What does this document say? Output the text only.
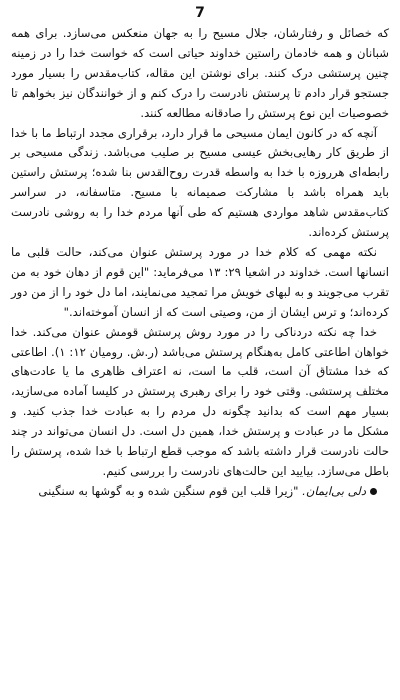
7

که خصائل و رفتارشان، جلال مسیح را به جهان منعکس می‌سازد. برای همه شبانان و همه خادمان راستین خداوند حیاتی است که خواست خدا را در زمینه چنین پرستشی درک کنند. برای نوشتن این مقاله، کتاب‌مقدس را بسیار مورد جستجو قرار دادم تا پرستش نادرست را درک کنم و از خوانندگان نیز بخواهم تا خصوصیات این نوع پرستش را صادقانه مطالعه کنند.

آنچه که در کانون ایمان مسیحی ما قرار دارد، برقراری مجدد ارتباط ما با خدا از طریق کار رهایی‌بخش عیسی مسیح بر صلیب می‌باشد. زندگی مسیحی بر رابطه‌ای هرروزه با خدا به واسطه قدرت روح‌القدس بنا شده؛ پرستش راستین باید همراه باشد با مشارکت صمیمانه با مسیح. متاسفانه، در سراسر کتاب‌مقدس شاهد مواردی هستیم که طی آنها مردم خدا را به روشی نادرست پرستش کرده‌اند.

نکته مهمی که کلام خدا در مورد پرستش عنوان می‌کند، حالت قلبی ما انسانها است. خداوند در اشعیا ۲۹: ۱۳ می‌فرماید: "این قوم از دهان خود به من تقرب می‌جویند و به لبهای خویش مرا تمجید می‌نمایند، اما دل خود را از من دور کرده‌اند؛ و ترس ایشان از من، وصیتی است که از انسان آموخته‌اند."

خدا چه نکته دردناکی را در مورد روش پرستش قومش عنوان می‌کند. خدا خواهان اطاعتی کامل به‌هنگام پرستش می‌باشد (ر.ش. رومیان ۱۲: ۱). اطاعتی که خدا مشتاق آن است، قلب ما است، نه اعتراف ظاهری ما یا عادت‌های مختلف پرستشی. وقتی خود را برای رهبری پرستش در کلیسا آماده می‌سازید، بسیار مهم است که بدانید چگونه دل مردم را به عبادت خدا جذب کنید. و مشکل ما در عبادت و پرستش خدا، همین دل است. دل انسان می‌تواند در چند حالت نادرست قرار داشته باشد که موجب قطع ارتباط با خدا شده، پرستش را باطل می‌سازد. بیایید این حالت‌های نادرست را بررسی کنیم.

دلی بی‌ایمان. "زیرا قلب این قوم سنگین شده و به گوشها به سنگینی
